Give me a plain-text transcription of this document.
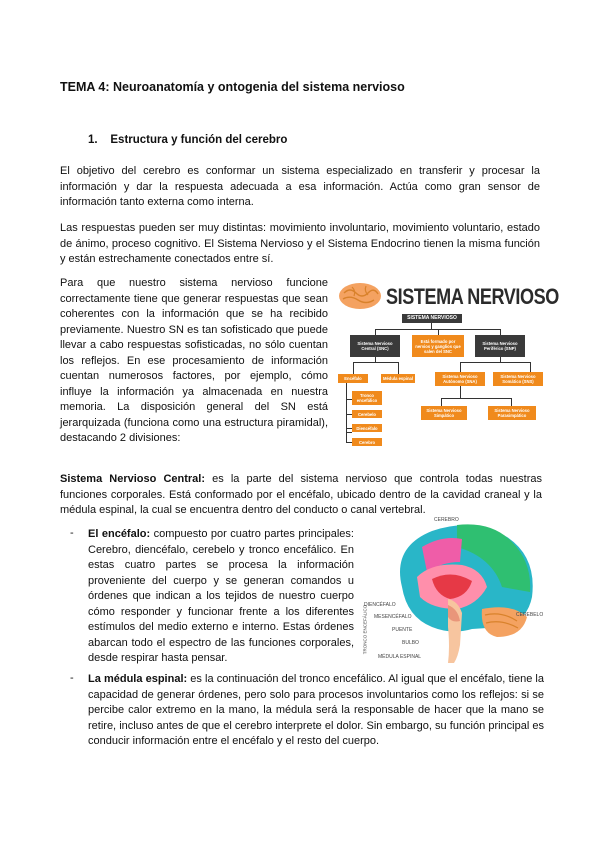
TEMA 4: Neuroanatomía y ontogenia del sistema nervioso
1. Estructura y función del cerebro
El objetivo del cerebro es conformar un sistema especializado en transferir y procesar la información y dar la respuesta adecuada a esa información. Actúa como gran sensor de información tanto externa como interna.
Las respuestas pueden ser muy distintas: movimiento involuntario, movimiento voluntario, estado de ánimo, proceso cognitivo. El Sistema Nervioso y el Sistema Endocrino tienen la misma función y están estrechamente conectados entre sí.
Para que nuestro sistema nervioso funcione correctamente tiene que generar respuestas que sean coherentes con la información que se ha recibido previamente. Nuestro SN es tan sofisticado que puede llevar a cabo respuestas sofisticadas, no sólo cuentan los reflejos. En ese procesamiento de información cuentan numerosos factores, por ejemplo, cómo influye la información ya almacenada en nuestra memoria. La disposición general del SN está jerarquizada (funciona como una estructura piramidal), destacando 2 divisiones:
Sistema Nervioso Central: es la parte del sistema nervioso que controla todas nuestras funciones corporales. Está conformado por el encéfalo, ubicado dentro de la cavidad craneal y la médula espinal, la cual se encuentra dentro del conducto o canal vertebral.
- El encéfalo: compuesto por cuatro partes principales: Cerebro, diencéfalo, cerebelo y tronco encefálico. En estas cuatro partes se procesa la información proveniente del cuerpo y se generan comandos u órdenes que indican a los tejidos de nuestro cuerpo cómo responder y funcionar frente a los diferentes estímulos del medio externo e interno. Estas órdenes abarcan todo el espectro de las funciones corporales, desde respirar hasta pensar.
- La médula espinal: es la continuación del tronco encefálico. Al igual que el encéfalo, tiene la capacidad de generar órdenes, pero solo para procesos involuntarios como los reflejos: si se percibe calor extremo en la mano, la médula será la responsable de hacer que la mano se retire, incluso antes de que el cerebro interprete el dolor. Sin embargo, su función principal es conducir información entre el encéfalo y el resto del cuerpo.
SISTEMA NERVIOSO
SISTEMA NERVIOSO
Sistema Nervioso Central (SNC)
Está formado por nervios y ganglios que salen del SNC
Sistema Nervioso Periférico (SNP)
Encéfalo	Médula espinal	Sistema Nervioso Autónomo (SNA)
Sistema Nervioso Somático (SNS)
Tronco encefálico
Cerebelo
Diencéfalo
Cerebro
Sistema Nervioso Simpático
Sistema Nervioso Parasimpático
CEREBRO
DIENCÉFALO
MESENCÉFALO
PUENTE
BULBO
MÉDULA ESPINAL
CEREBELO
TRONCO ENCEFÁLICO
